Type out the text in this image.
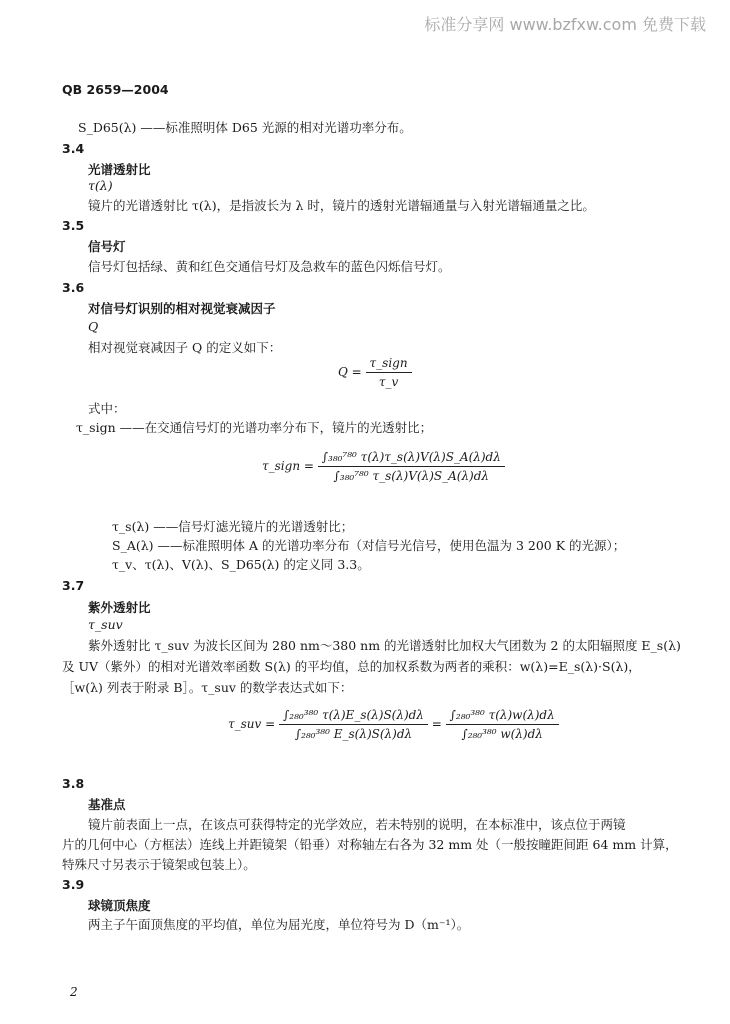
标准分享网 www.bzfxw.com 免费下载
QB 2659—2004
S_D65(λ) ——标准照明体 D65 光源的相对光谱功率分布。
3.4
光谱透射比
τ(λ)
镜片的光谱透射比 τ(λ)，是指波长为 λ 时，镜片的透射光谱辐通量与入射光谱辐通量之比。
3.5
信号灯
信号灯包括绿、黄和红色交通信号灯及急救车的蓝色闪烁信号灯。
3.6
对信号灯识别的相对视觉衰减因子
Q
相对视觉衰减因子 Q 的定义如下：
$Q = \frac{\text{τ\_sign}}{\tau\_v}$
式中：
τ_sign ——在交通信号灯的光谱功率分布下，镜片的光透射比；
τ_sign = $\frac{\text{∫₃₈₀⁷⁸⁰ τ(λ)τ\_s(λ)V(λ)S\_A(λ)dλ}}{\text{∫₃₈₀⁷⁸⁰ τ\_s(λ)V(λ)S\_A(λ)dλ}}$
τ_s(λ) ——信号灯滤光镜片的光谱透射比；
S_A(λ) ——标准照明体 A 的光谱功率分布（对信号光信号，使用色温为 3 200 K 的光源）；
τ_v、τ(λ)、V(λ)、S_D65(λ) 的定义同 3.3。
3.7
紫外透射比
τ_suv
紫外透射比 τ_suv 为波长区间为 280 nm～380 nm 的光谱透射比加权大气团数为 2 的太阳辐照度 E_s(λ)
及 UV（紫外）的相对光谱效率函数 S(λ) 的平均值，总的加权系数为两者的乘积：w(λ)=E_s(λ)·S(λ)，
［w(λ) 列表于附录 B］。τ_suv 的数学表达式如下：
τ_suv = $\frac{\text{∫₂₈₀³⁸⁰ τ(λ)E\_s(λ)S(λ)dλ}}{\text{∫₂₈₀³⁸⁰ E\_s(λ)S(λ)dλ}} = \frac{\text{∫₂₈₀³⁸⁰ τ(λ)w(λ)dλ}}{\text{∫₂₈₀³⁸⁰ w(λ)dλ}}$
3.8
基准点
镜片前表面上一点，在该点可获得特定的光学效应，若未特别的说明，在本标准中，该点位于两镜
片的几何中心（方框法）连线上并距镜架（铅垂）对称轴左右各为 32 mm 处（一般按瞳距间距 64 mm 计算，
特殊尺寸另表示于镜架或包装上）。
3.9
球镜顶焦度
两主子午面顶焦度的平均值，单位为屈光度，单位符号为 D（m⁻¹）。
2
